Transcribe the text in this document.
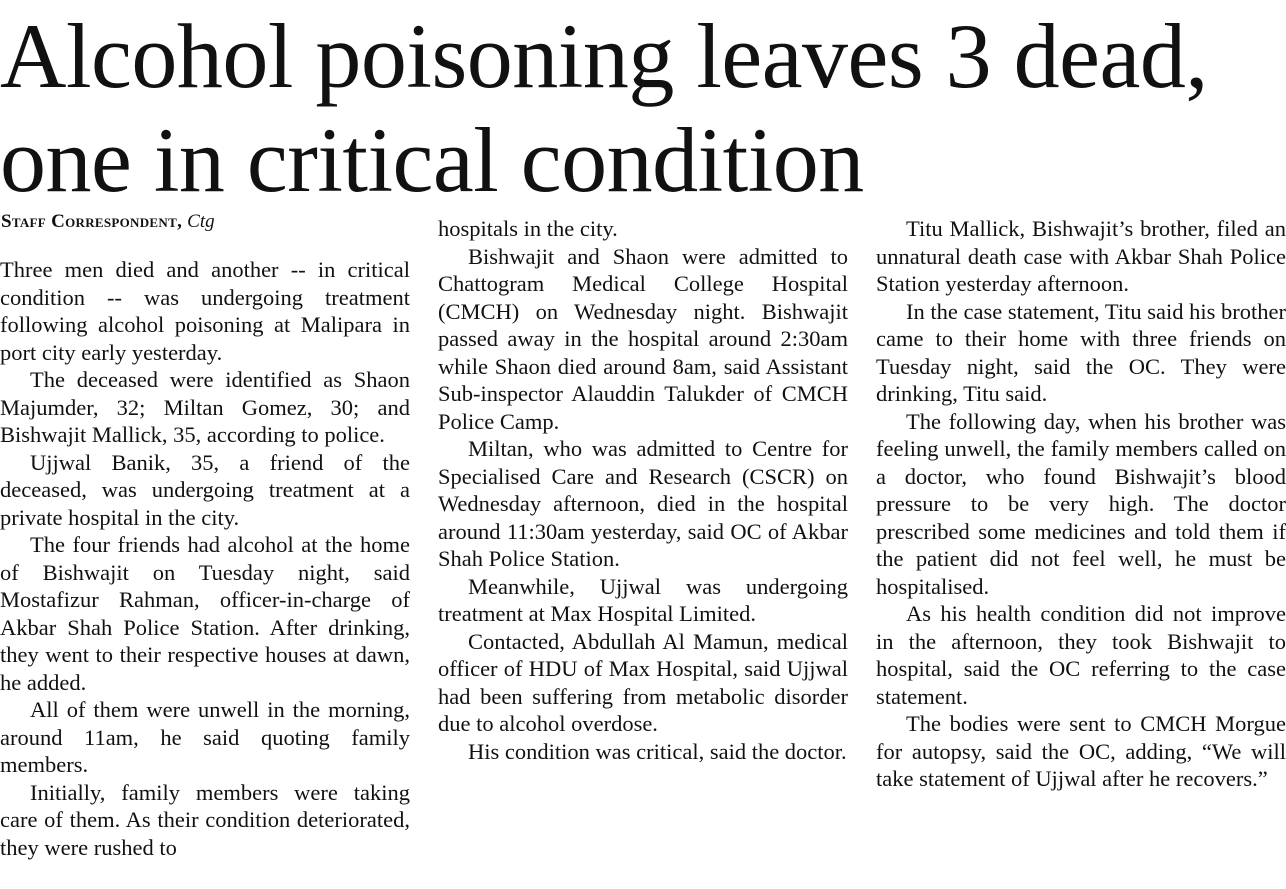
Alcohol poisoning leaves 3 dead,
one in critical condition
Staff Correspondent, Ctg

Three men died and another -- in critical condition -- was undergoing treatment following alcohol poisoning at Malipara in port city early yesterday.

The deceased were identified as Shaon Majumder, 32; Miltan Gomez, 30; and Bishwajit Mallick, 35, according to police.

Ujjwal Banik, 35, a friend of the deceased, was undergoing treatment at a private hospital in the city.

The four friends had alcohol at the home of Bishwajit on Tuesday night, said Mostafizur Rahman, officer-in-charge of Akbar Shah Police Station. After drinking, they went to their respective houses at dawn, he added.

All of them were unwell in the morning, around 11am, he said quoting family members.

Initially, family members were taking care of them. As their condition deteriorated, they were rushed to

hospitals in the city.

Bishwajit and Shaon were admitted to Chattogram Medical College Hospital (CMCH) on Wednesday night. Bishwajit passed away in the hospital around 2:30am while Shaon died around 8am, said Assistant Sub-inspector Alauddin Talukder of CMCH Police Camp.

Miltan, who was admitted to Centre for Specialised Care and Research (CSCR) on Wednesday afternoon, died in the hospital around 11:30am yesterday, said OC of Akbar Shah Police Station.

Meanwhile, Ujjwal was undergoing treatment at Max Hospital Limited.

Contacted, Abdullah Al Mamun, medical officer of HDU of Max Hospital, said Ujjwal had been suffering from metabolic disorder due to alcohol overdose.

His condition was critical, said the doctor.

Titu Mallick, Bishwajit’s brother, filed an unnatural death case with Akbar Shah Police Station yesterday afternoon.

In the case statement, Titu said his brother came to their home with three friends on Tuesday night, said the OC. They were drinking, Titu said.

The following day, when his brother was feeling unwell, the family members called on a doctor, who found Bishwajit’s blood pressure to be very high. The doctor prescribed some medicines and told them if the patient did not feel well, he must be hospitalised.

As his health condition did not improve in the afternoon, they took Bishwajit to hospital, said the OC referring to the case statement.

The bodies were sent to CMCH Morgue for autopsy, said the OC, adding, “We will take statement of Ujjwal after he recovers.”
